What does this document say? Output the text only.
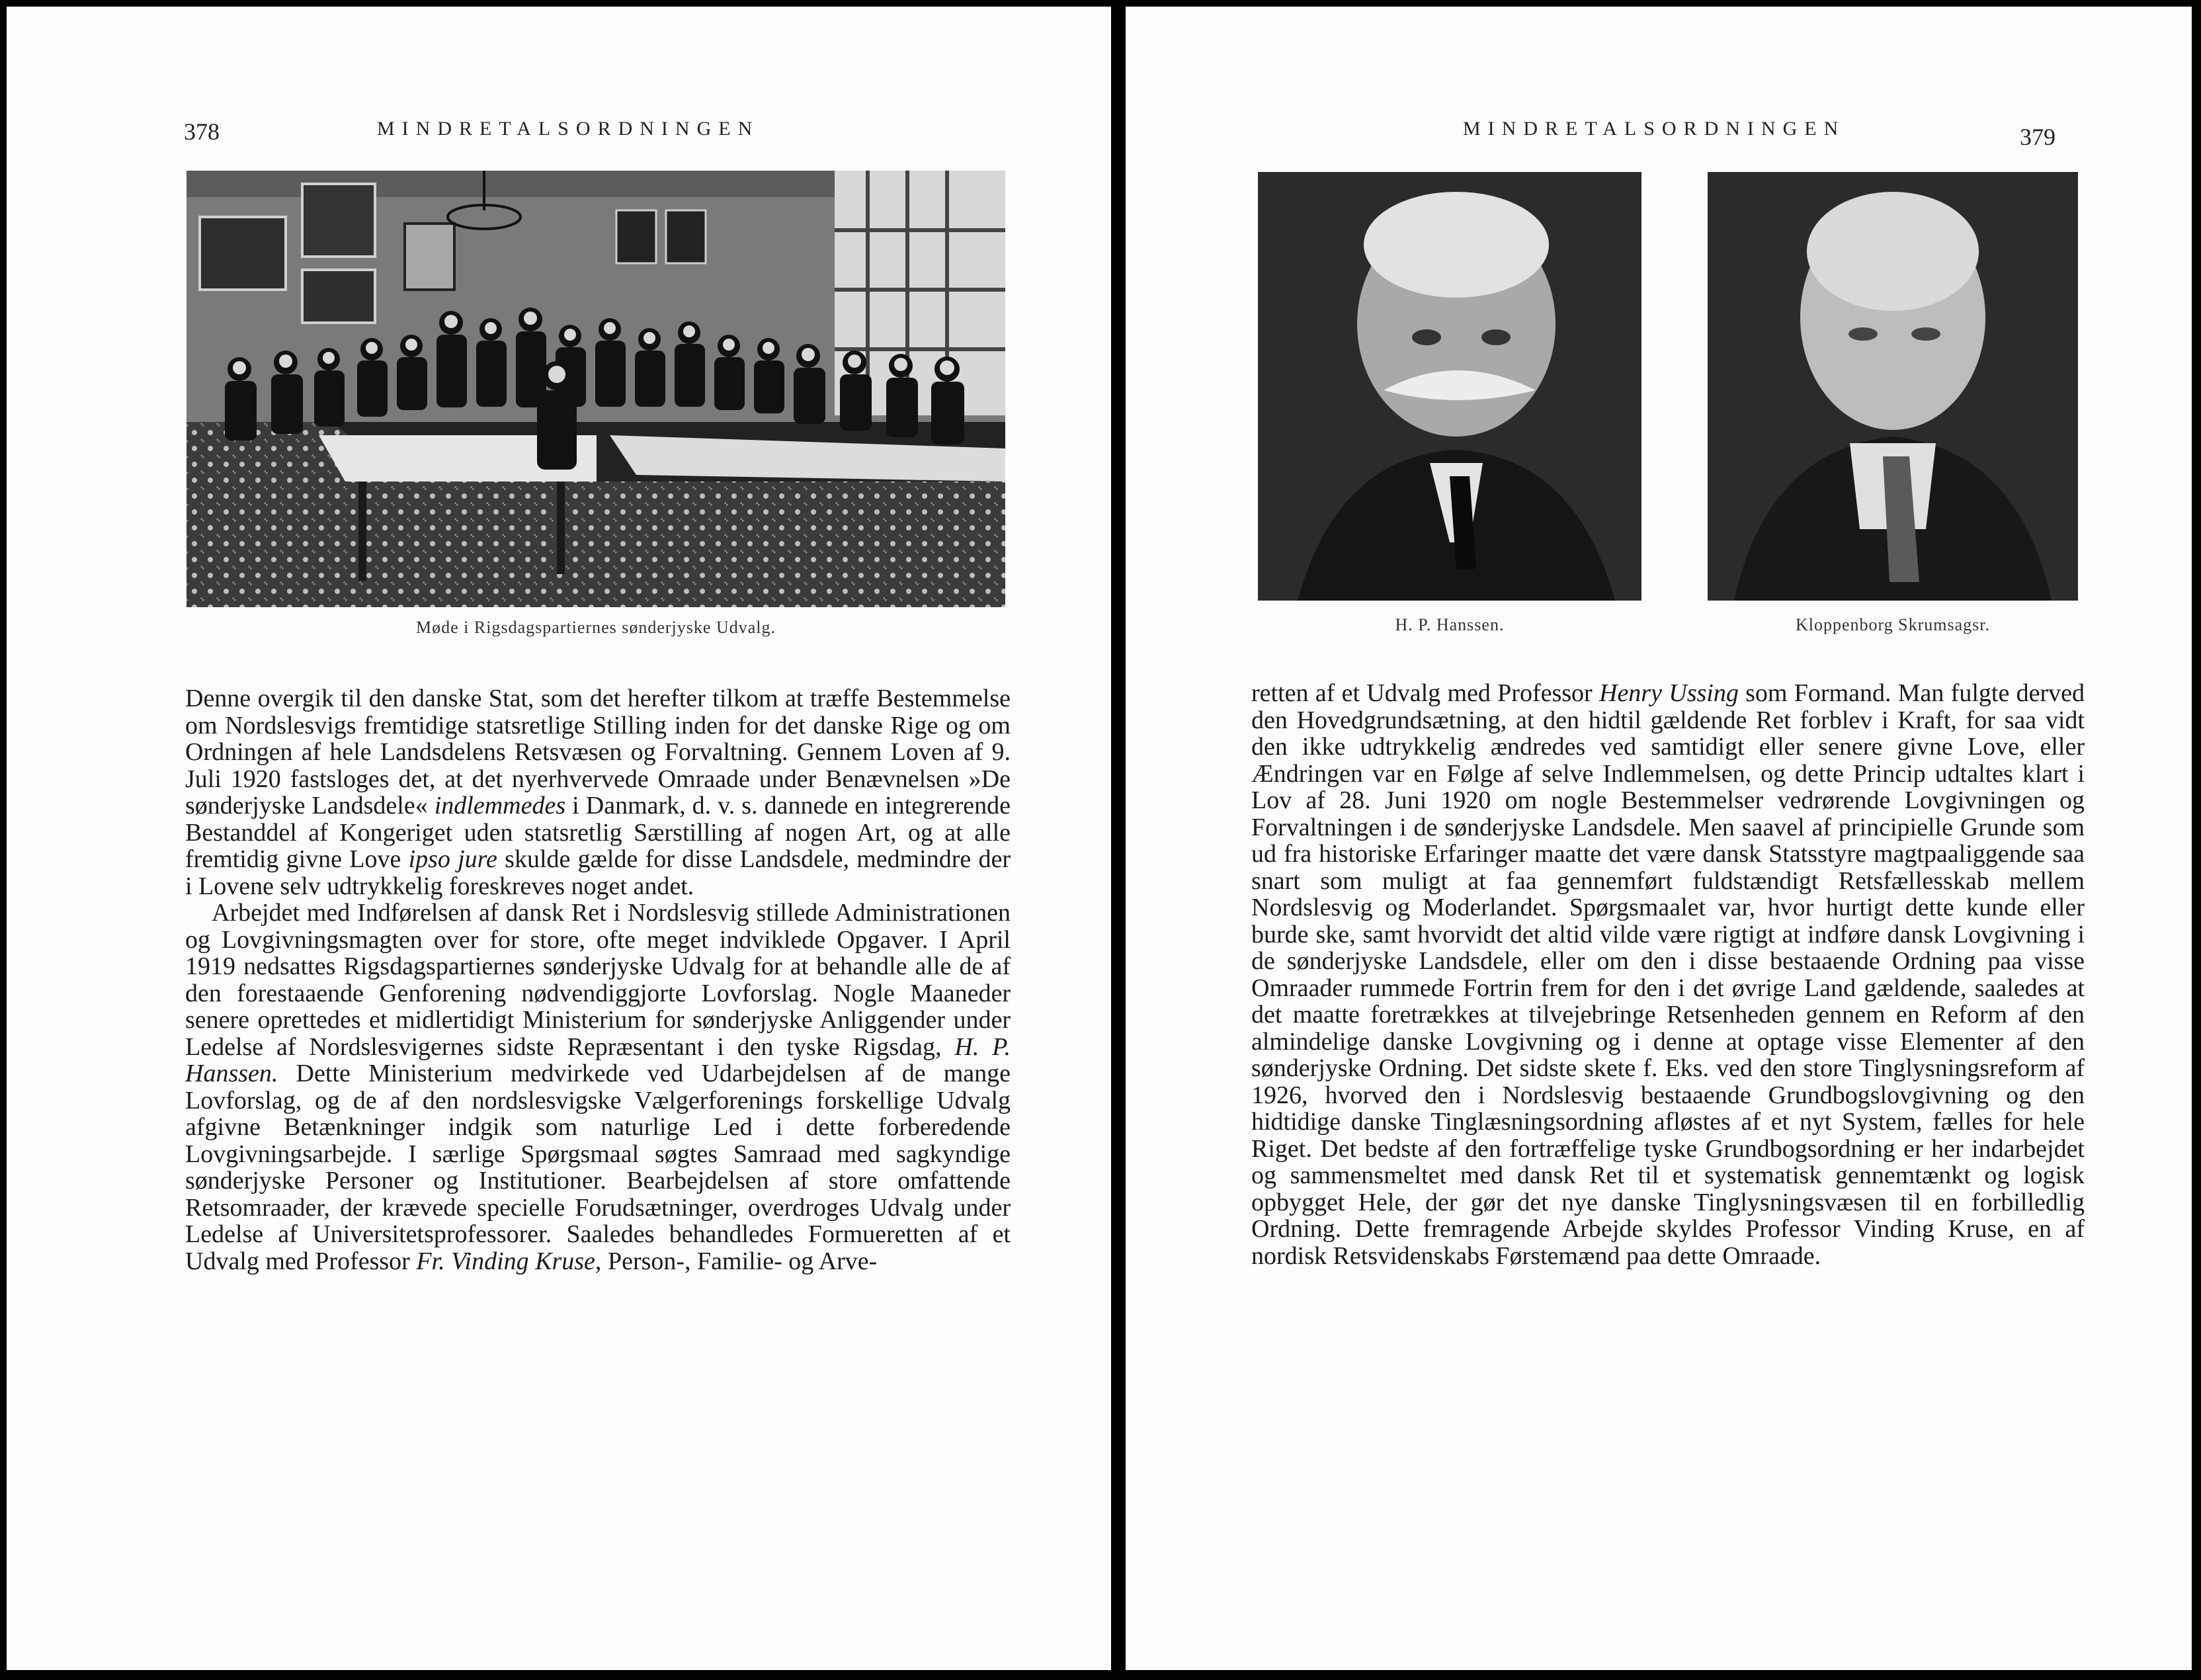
378	MINDRETALSORDNINGEN
Møde i Rigsdagspartiernes sønderjyske Udvalg.

Denne overgik til den danske Stat, som det herefter tilkom at træffe Bestemmelse om Nordslesvigs fremtidige statsretlige Stilling inden for det danske Rige og om Ordningen af hele Landsdelens Retsvæsen og Forvaltning. Gennem Loven af 9. Juli 1920 fastsloges det, at det nyerhvervede Omraade under Benævnelsen »De sønderjyske Landsdele« indlemmedes i Danmark, d. v. s. dannede en integrerende Bestanddel af Kongeriget uden statsretlig Særstilling af nogen Art, og at alle fremtidig givne Love ipso jure skulde gælde for disse Landsdele, medmindre der i Lovene selv udtrykkelig foreskreves noget andet.

Arbejdet med Indførelsen af dansk Ret i Nordslesvig stillede Administrationen og Lovgivningsmagten over for store, ofte meget indviklede Opgaver. I April 1919 nedsattes Rigsdagspartiernes sønderjyske Udvalg for at behandle alle de af den forestaaende Genforening nødvendiggjorte Lovforslag. Nogle Maaneder senere oprettedes et midlertidigt Ministerium for sønderjyske Anliggender under Ledelse af Nordslesvigernes sidste Repræsentant i den tyske Rigsdag, H. P. Hanssen. Dette Ministerium medvirkede ved Udarbejdelsen af de mange Lovforslag, og de af den nordslesvigske Vælgerforenings forskellige Udvalg afgivne Betænkninger indgik som naturlige Led i dette forberedende Lovgivningsarbejde. I særlige Spørgsmaal søgtes Samraad med sagkyndige sønderjyske Personer og Institutioner. Bearbejdelsen af store omfattende Retsomraader, der krævede specielle Forudsætninger, overdroges Udvalg under Ledelse af Universitetsprofessorer. Saaledes behandledes Formueretten af et Udvalg med Professor Fr. Vinding Kruse, Person-, Familie- og Arve-

MINDRETALSORDNINGEN	379
H. P. Hanssen.	Kloppenborg Skrumsagsr.

retten af et Udvalg med Professor Henry Ussing som Formand. Man fulgte derved den Hovedgrundsætning, at den hidtil gældende Ret forblev i Kraft, for saa vidt den ikke udtrykkelig ændredes ved samtidigt eller senere givne Love, eller Ændringen var en Følge af selve Indlemmelsen, og dette Princip udtaltes klart i Lov af 28. Juni 1920 om nogle Bestemmelser vedrørende Lovgivningen og Forvaltningen i de sønderjyske Landsdele. Men saavel af principielle Grunde som ud fra historiske Erfaringer maatte det være dansk Statsstyre magtpaaliggende saa snart som muligt at faa gennemført fuldstændigt Retsfællesskab mellem Nordslesvig og Moderlandet. Spørgsmaalet var, hvor hurtigt dette kunde eller burde ske, samt hvorvidt det altid vilde være rigtigt at indføre dansk Lovgivning i de sønderjyske Landsdele, eller om den i disse bestaaende Ordning paa visse Omraader rummede Fortrin frem for den i det øvrige Land gældende, saaledes at det maatte foretrækkes at tilvejebringe Retsenheden gennem en Reform af den almindelige danske Lovgivning og i denne at optage visse Elementer af den sønderjyske Ordning. Det sidste skete f. Eks. ved den store Tinglysningsreform af 1926, hvorved den i Nordslesvig bestaaende Grundbogslovgivning og den hidtidige danske Tinglæsningsordning afløstes af et nyt System, fælles for hele Riget. Det bedste af den fortræffelige tyske Grundbogsordning er her indarbejdet og sammensmeltet med dansk Ret til et systematisk gennemtænkt og logisk opbygget Hele, der gør det nye danske Tinglysningsvæsen til en forbilledlig Ordning. Dette fremragende Arbejde skyldes Professor Vinding Kruse, en af nordisk Retsvidenskabs Førstemænd paa dette Omraade.
